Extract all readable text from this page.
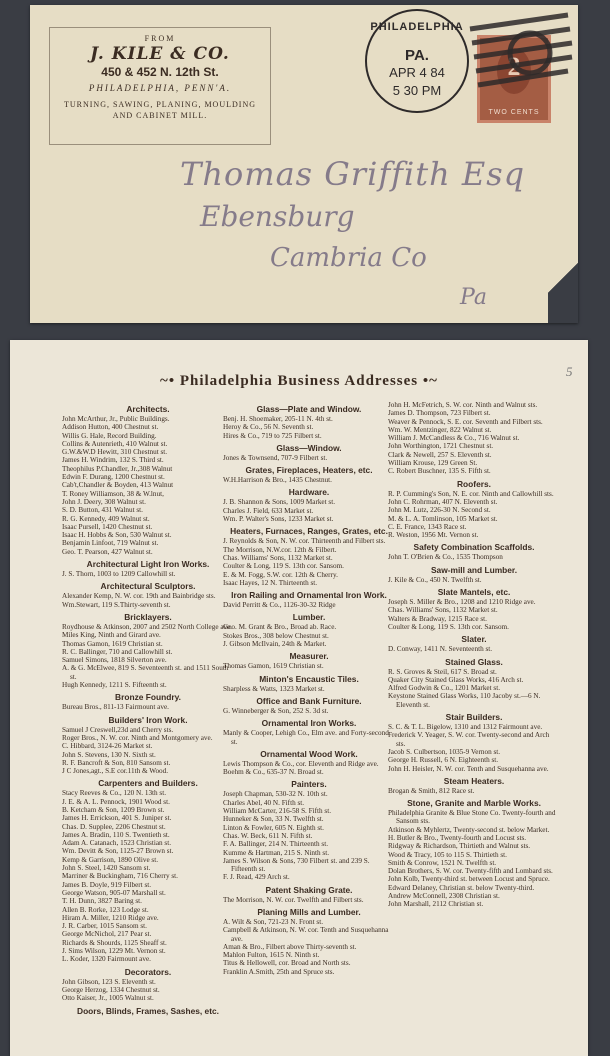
FROM
J. KILE & CO.
450 & 452 N. 12th St.
PHILADELPHIA, PENN'A.
TURNING, SAWING, PLANING, MOULDING
AND CABINET MILL.
PHILADELPHIA
PA.
APR 4 84
5 30 PM
2
TWO CENTS
Thomas Griffith Esq
Ebensburg
Cambria Co
Pa
~• Philadelphia Business Addresses •~
5
Architects.
John McArthur, Jr., Public Buildings.
Addison Hutton, 400 Chestnut st.
Willis G. Hale, Record Building.
Collins & Autenrieth, 410 Walnut st.
G.W.&W.D Hewitt, 310 Chestnut st.
James H. Windrim, 132 S. Third st.
Theophilus P.Chandler, Jr.,308 Walnut
Edwin F. Durang, 1200 Chestnut st.
Cab't,Chandler & Boyden, 413 Walnut
T. Roney Williamson, 38 & W.lnut,
John J. Deery, 308 Walnut st.
S. D. Button, 431 Walnut st.
R. G. Kennedy, 409 Walnut st.
Isaac Pursell, 1420 Chestnut st.
Isaac H. Hobbs & Son, 530 Walnut st.
Benjamin Linfoot, 719 Walnut st.
Geo. T. Pearson, 427 Walnut st.
Architectural Light Iron Works.
J. S. Thorn, 1003 to 1209 Callowhill st.
Architectural Sculptors.
Alexander Kemp, N. W. cor. 19th and Bainbridge sts.
Wm.Stewart, 119 S.Thirty-seventh st.
Bricklayers.
Roydhouse & Atkinson, 2007 and 2502 North College ave.
Miles King, Ninth and Girard ave.
Thomas Gamon, 1619 Christian st.
R. C. Ballinger, 710 and Callowhill st.
Samuel Simons, 1818 Silverton ave.
A. & G. McElwee, 819 S. Seventeenth st. and 1511 South st.
Hugh Kennedy, 1211 S. Fifteenth st.
Bronze Foundry.
Bureau Bros., 811-13 Fairmount ave.
Builders' Iron Work.
Samuel J Creswell,23d and Cherry sts.
Roger Bros., N. W. cor. Ninth and Montgomery ave.
C. Hibbard, 3124-26 Market st.
John S. Stevens, 130 N. Sixth st.
R. F. Bancroft & Son, 810 Sansom st.
J C Jones,agt., S.E cor.11th & Wood.
Carpenters and Builders.
Stacy Reeves & Co., 120 N. 13th st.
J. E. & A. L. Pennock, 1901 Wood st.
B. Ketcham & Son, 1209 Brown st.
James H. Errickson, 401 S. Juniper st.
Chas. D. Supplee, 2206 Chestnut st.
James A. Bradin, 110 S. Twentieth st.
Adam A. Catanach, 1523 Christian st.
Wm. Devitt & Son, 1125-27 Brown st.
Kemp & Garrison, 1890 Olive st.
John S. Steel, 1420 Sansom st.
Marriner & Buckingham, 716 Cherry st.
James B. Doyle, 919 Filbert st.
George Watson, 905-07 Marshall st.
T. H. Dunn, 3827 Baring st.
Allen B. Rorke, 123 Lodge st.
Hiram A. Miller, 1210 Ridge ave.
J. R. Carber, 1015 Sansom st.
George McNichol, 217 Pear st.
Richards & Shourds, 1125 Sheaff st.
J. Sims Wilson, 1229 Mt. Vernon st.
L. Koder, 1320 Fairmount ave.
Decorators.
John Gibson, 123 S. Eleventh st.
George Herzog, 1334 Chestnut st.
Otto Kaiser, Jr., 1005 Walnut st.
Doors, Blinds, Frames, Sashes, etc.
Glass—Plate and Window.
Benj. H. Shoemaker, 205-11 N. 4th st.
Heroy & Co., 56 N. Seventh st.
Hires & Co., 719 to 725 Filbert st.
Glass—Window.
Jones & Townsend, 707-9 Filbert st.
Grates, Fireplaces, Heaters, etc.
W.H.Harrison & Bro., 1435 Chestnut.
Hardware.
J. B. Shannon & Sons, 1009 Market st.
Charles J. Field, 633 Market st.
Wm. P. Walter's Sons, 1233 Market st.
Heaters, Furnaces, Ranges, Grates, etc.
J. Reynolds & Son, N. W. cor. Thirteenth and Filbert sts.
The Morrison, N.W.cor. 12th & Filbert.
Chas. Williams' Sons, 1132 Market st.
Coulter & Long, 119 S. 13th cor. Sansom.
E. & M. Fogg, S.W. cor. 12th & Cherry.
Isaac Hayes, 12 N. Thirteenth st.
Iron Railing and Ornamental Iron Work.
David Perritt & Co., 1126-30-32 Ridge
Lumber.
Geo. M. Grant & Bro., Broad ab. Race.
Stokes Bros., 308 below Chestnut st.
J. Gibson McIlvain, 24th & Market.
Measurer.
Thomas Gamon, 1619 Christian st.
Minton's Encaustic Tiles.
Sharpless & Watts, 1323 Market st.
Office and Bank Furniture.
G. Winneberger & Son, 252 S. 3d st.
Ornamental Iron Works.
Manly & Cooper, Lehigh Co., Elm ave. and Forty-second st.
Ornamental Wood Work.
Lewis Thompson & Co., cor. Eleventh and Ridge ave.
Boehm & Co., 635-37 N. Broad st.
Painters.
Joseph Chapman, 530-32 N. 10th st.
Charles Abel, 40 N. Fifth st.
William McCarter, 216-58 S. Fifth st.
Hunneker & Son, 33 N. Twelfth st.
Linton & Fowler, 605 N. Eighth st.
Chas. W. Beck, 611 N. Fifth st.
F. A. Ballinger, 214 N. Thirteenth st.
Kumme & Hartman, 215 S. Ninth st.
James S. Wilson & Sons, 730 Filbert st. and 239 S. Fifteenth st.
F. J. Read, 429 Arch st.
Patent Shaking Grate.
The Morrison, N. W. cor. Twelfth and Filbert sts.
Planing Mills and Lumber.
A. Wilt & Son, 721-23 N. Front st.
Campbell & Atkinson, N. W. cor. Tenth and Susquehanna ave.
Aman & Bro., Filbert above Thirty-seventh st.
Mahlon Fulton, 1615 N. Ninth st.
Titus & Hellowell, cor. Broad and North sts.
Franklin A.Smith, 25th and Spruce sts.
John H. McFetrich, S. W. cor. Ninth and Walnut sts.
James D. Thompson, 723 Filbert st.
Weaver & Pennock, S. E. cor. Seventh and Filbert sts.
Wm. W. Mentzinger, 822 Walnut st.
William J. McCandless & Co., 716 Walnut st.
John Worthington, 1721 Chestnut st.
Clark & Newell, 257 S. Eleventh st.
William Krouse, 129 Green St.
C. Robert Buschner, 135 S. Fifth st.
Roofers.
R. P. Cumming's Son, N. E. cor. Ninth and Callowhill sts.
John C. Rohrman, 407 N. Eleventh st.
John M. Lutz, 226-30 N. Second st.
M. & L. A. Tomlinson, 105 Market st.
C. E. France, 1343 Race st.
R. Weston, 1956 Mt. Vernon st.
Safety Combination Scaffolds.
John T. O'Brien & Co., 1535 Thompson
Saw-mill and Lumber.
J. Kile & Co., 450 N. Twelfth st.
Slate Mantels, etc.
Joseph S. Miller & Bro., 1208 and 1210 Ridge ave.
Chas. Williams' Sons, 1132 Market st.
Walters & Bradway, 1215 Race st.
Coulter & Long, 119 S. 13th cor. Sansom.
Slater.
D. Conway, 1411 N. Seventeenth st.
Stained Glass.
R. S. Groves & Steil, 617 S. Broad st.
Quaker City Stained Glass Works, 416 Arch st.
Alfred Godwin & Co., 1201 Market st.
Keystone Stained Glass Works, 110 Jacoby st.—6 N. Eleventh st.
Stair Builders.
S. C. & T. L. Bigelow, 1310 and 1312 Fairmount ave.
Frederick V. Yeager, S. W. cor. Twenty-second and Arch sts.
Jacob S. Culbertson, 1035-9 Vernon st.
George H. Russell, 6 N. Eighteenth st.
John H. Heisler, N. W. cor. Tenth and Susquehanna ave.
Steam Heaters.
Brogan & Smith, 812 Race st.
Stone, Granite and Marble Works.
Philadelphia Granite & Blue Stone Co. Twenty-fourth and Sansom sts.
Atkinson & Myhlertz, Twenty-second st. below Market.
H. Butler & Bro., Twenty-fourth and Locust sts.
Ridgway & Richardson, Thirtieth and Walnut sts.
Wood & Tracy, 105 to 115 S. Thirtieth st.
Smith & Conrow, 1521 N. Twelfth st.
Dolan Brothers, S. W. cor. Twenty-fifth and Lombard sts.
John Kolb, Twenty-third st. between Locust and Spruce.
Edward Delaney, Christian st. below Twenty-third.
Andrew McConnell, 2308 Christian st.
John Marshall, 2112 Christian st.
